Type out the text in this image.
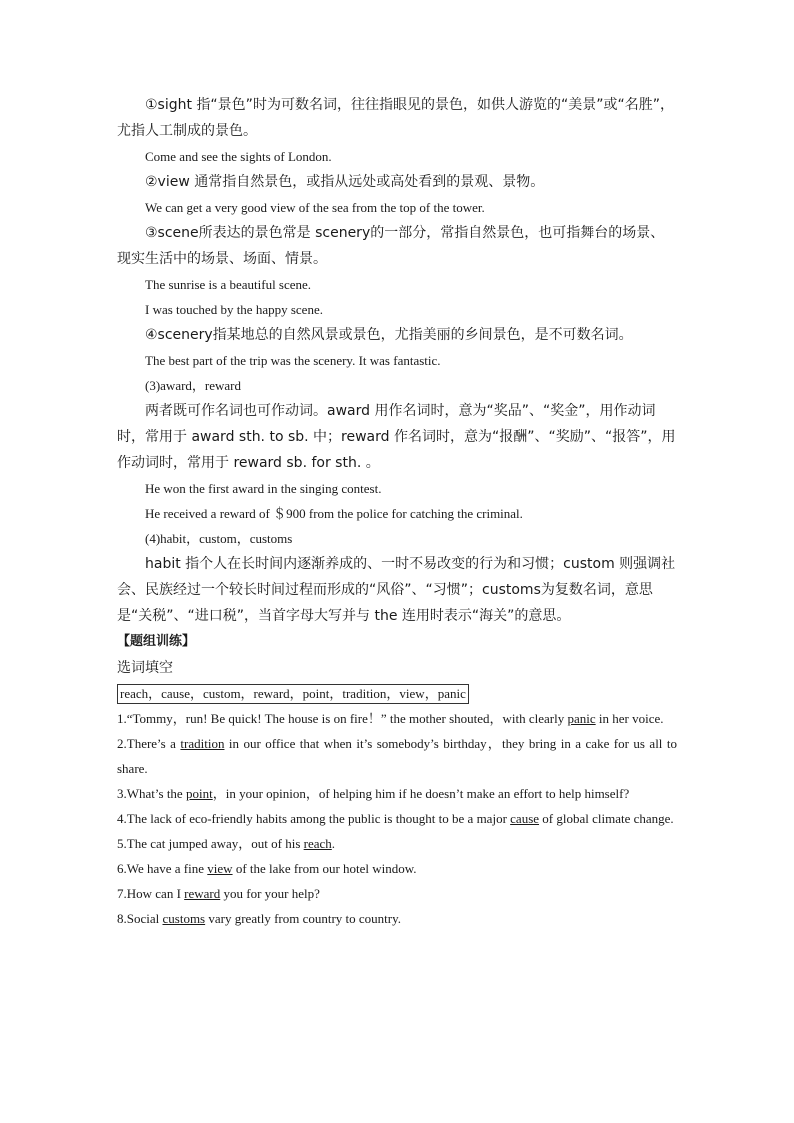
①sight 指“景色”时为可数名词，往往指眼见的景色，如供人游览的“美景”或“名胜”，尤指人工制成的景色。

Come and see the sights of London.

②view 通常指自然景色，或指从远处或高处看到的景观、景物。

We can get a very good view of the sea from the top of the tower.

③scene所表达的景色常是 scenery的一部分，常指自然景色，也可指舞台的场景、现实生活中的场景、场面、情景。

The sunrise is a beautiful scene.

I was touched by the happy scene.

④scenery指某地总的自然风景或景色，尤指美丽的乡间景色，是不可数名词。

The best part of the trip was the scenery. It was fantastic.

(3)award，reward

两者既可作名词也可作动词。award 用作名词时，意为“奖品”、“奖金”，用作动词时，常用于 award sth. to sb. 中；reward 作名词时，意为“报酬”、“奖励”、“报答”，用作动词时，常用于 reward sb. for sth. 。

He won the first award in the singing contest.

He received a reward of ＄900 from the police for catching the criminal.

(4)habit，custom，customs

habit 指个人在长时间内逐渐养成的、一时不易改变的行为和习惯；custom 则强调社会、民族经过一个较长时间过程而形成的“风俗”、“习惯”；customs为复数名词，意思是“关税”、“进口税”，当首字母大写并与 the 连用时表示“海关”的意思。

【题组训练】

选词填空

reach，cause，custom，reward，point，tradition，view，panic

1.“Tommy，run! Be quick! The house is on fire！” the mother shouted，with clearly panic in her voice.

2.There’s a tradition in our office that when it’s somebody’s birthday，they bring in a cake for us all to share.

3.What’s the point，in your opinion，of helping him if he doesn’t make an effort to help himself?

4.The lack of eco-friendly habits among the public is thought to be a major cause of global climate change.

5.The cat jumped away，out of his reach.

6.We have a fine view of the lake from our hotel window.

7.How can I reward you for your help?

8.Social customs vary greatly from country to country.
